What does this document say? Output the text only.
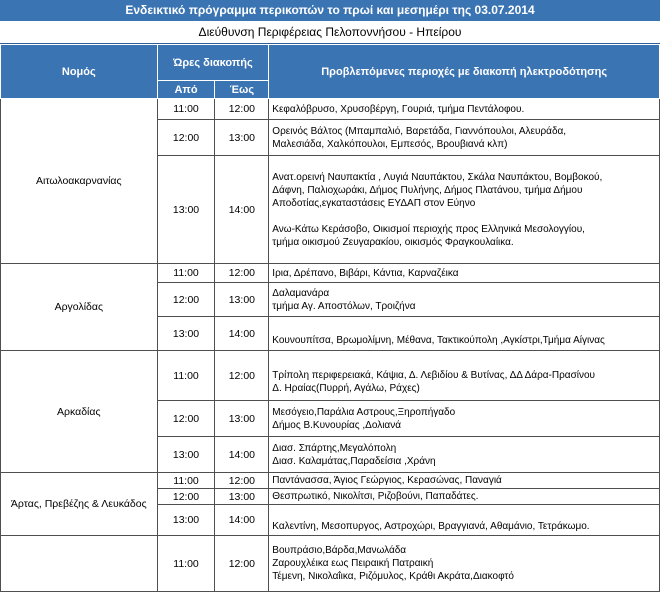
Ενδεικτικό πρόγραμμα περικοπών το πρωί και μεσημέρι της 03.07.2014
Διεύθυνση Περιφέρειας Πελοποννήσου - Ηπείρου
Νομός	Ώρες διακοπής		Προβλεπόμενες περιοχές με διακοπή ηλεκτροδότησης
	Από	Έως	
Αιτωλοακαρνανίας	11:00	12:00	Κεφαλόβρυσο, Χρυσοβέργη, Γουριά, τμήμα Πεντάλοφου.

	12:00	13:00	Ορεινός Βάλτος (Μπαμπαλιό, Βαρετάδα, Γιαννόπουλοι, Αλευράδα,
Μαλεσιάδα, Χαλκόπουλοι, Εμπεσός, Βρουβιανά κλπ)

	13:00	14:00	Ανατ.ορεινή Ναυπακτία , Λυγιά Ναυπάκτου, Σκάλα Ναυπάκτου, Βομβοκού,
Δάφνη, Παλιοχωράκι, Δήμος Πυλήνης, Δήμος Πλατάνου, τμήμα Δήμου
Αποδοτίας,εγκαταστάσεις ΕΥΔΑΠ στον Εύηνο

Ανω-Κάτω Κεράσοβο, Οικισμοί περιοχής προς Ελληνικά Μεσολογγίου,
τμήμα οικισμού Ζευγαρακίου, οικισμός Φραγκουλαίικα.

Αργολίδας	11:00	12:00	Ιρια, Δρέπανο, Βιβάρι, Κάντια, Καρναζέικα

	12:00	13:00	Δαλαμανάρα
τμήμα Αγ. Αποστόλων, Τροιζήνα

	13:00	14:00	Κουνουπίτσα, Βρωμολίμνη, Μέθανα, Τακτικούπολη ,Αγκίστρι,Τμήμα Αίγινας

Αρκαδίας	11:00	12:00	Τρίπολη περιφερειακά, Κάψια, Δ. Λεβιδίου & Βυτίνας, ΔΔ Δάρα-Πρασίνου
Δ. Ηραίας(Πυρρή, Αγάλω, Ράχες)

	12:00	13:00	Μεσόγειο,Παράλια Αστρους,Ξηροπήγαδο
Δήμος Β.Κυνουρίας ,Δολιανά

	13:00	14:00	Διασ. Σπάρτης,Μεγαλόπολη
Διασ. Καλαμάτας,Παραδείσια ,Χράνη

Άρτας, Πρεβέζης & Λευκάδος	11:00	12:00	Παντάνασσα, Άγιος Γεώργιος, Κερασώνας, Παναγιά

	12:00	13:00	Θεσπρωτικό, Νικολίτσι, Ριζοβούνι, Παπαδάτες.

	13:00	14:00	Καλεντίνη, Μεσοπυργος, Αστροχώρι, Βραγγιανά, Αθαμάνιο, Τετράκωμο.

	11:00	12:00	Βουπράσιο,Βάρδα,Μανωλάδα
Ζαρουχλέικα εως Πειραική Πατραική
Τέμενη, Νικολαΐικα, Ριζόμυλος, Κράθι Ακράτα,Διακοφτό
